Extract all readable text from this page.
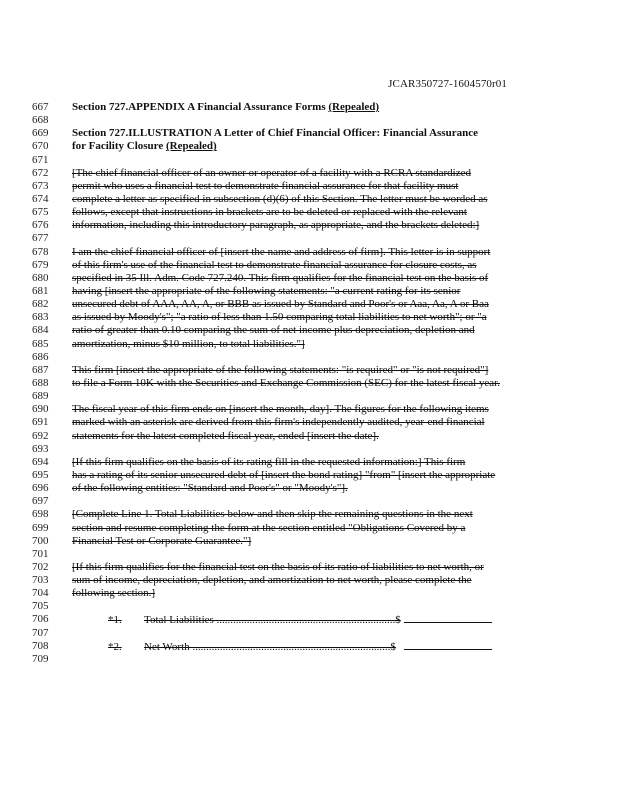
JCAR350727-1604570r01
667	Section 727.APPENDIX A Financial Assurance Forms (Repealed)
668
669	Section 727.ILLUSTRATION A Letter of Chief Financial Officer: Financial Assurance
670	for Facility Closure (Repealed)
671
672	[The chief financial officer of an owner or operator of a facility with a RCRA standardized
673	permit who uses a financial test to demonstrate financial assurance for that facility must
674	complete a letter as specified in subsection (d)(6) of this Section. The letter must be worded as
675	follows, except that instructions in brackets are to be deleted or replaced with the relevant
676	information, including this introductory paragraph, as appropriate, and the brackets deleted:]
677
678	I am the chief financial officer of [insert the name and address of firm]. This letter is in support
679	of this firm's use of the financial test to demonstrate financial assurance for closure costs, as
680	specified in 35 Ill. Adm. Code 727.240. This firm qualifies for the financial test on the basis of
681	having [insert the appropriate of the following statements: "a current rating for its senior
682	unsecured debt of AAA, AA, A, or BBB as issued by Standard and Poor's or Aaa, Aa, A or Baa
683	as issued by Moody's"; "a ratio of less than 1.50 comparing total liabilities to net worth"; or "a
684	ratio of greater than 0.10 comparing the sum of net income plus depreciation, depletion and
685	amortization, minus $10 million, to total liabilities."]
686
687	This firm [insert the appropriate of the following statements: "is required" or "is not required"]
688	to file a Form 10K with the Securities and Exchange Commission (SEC) for the latest fiscal year.
689
690	The fiscal year of this firm ends on [insert the month, day]. The figures for the following items
691	marked with an asterisk are derived from this firm's independently audited, year-end financial
692	statements for the latest completed fiscal year, ended [insert the date].
693
694	[If this firm qualifies on the basis of its rating fill in the requested information:] This firm
695	has a rating of its senior unsecured debt of [insert the bond rating] "from" [insert the appropriate
696	of the following entities: "Standard and Poor's" or "Moody's"].
697
698	[Complete Line 1. Total Liabilities below and then skip the remaining questions in the next
699	section and resume completing the form at the section entitled "Obligations Covered by a
700	Financial Test or Corporate Guarantee."]
701
702	[If this firm qualifies for the financial test on the basis of its ratio of liabilities to net worth, or
703	sum of income, depreciation, depletion, and amortization to net worth, please complete the
704	following section.]
705
706	*1. Total Liabilities .................................................................$
707
708	*2. Net Worth ........................................................................$
709
